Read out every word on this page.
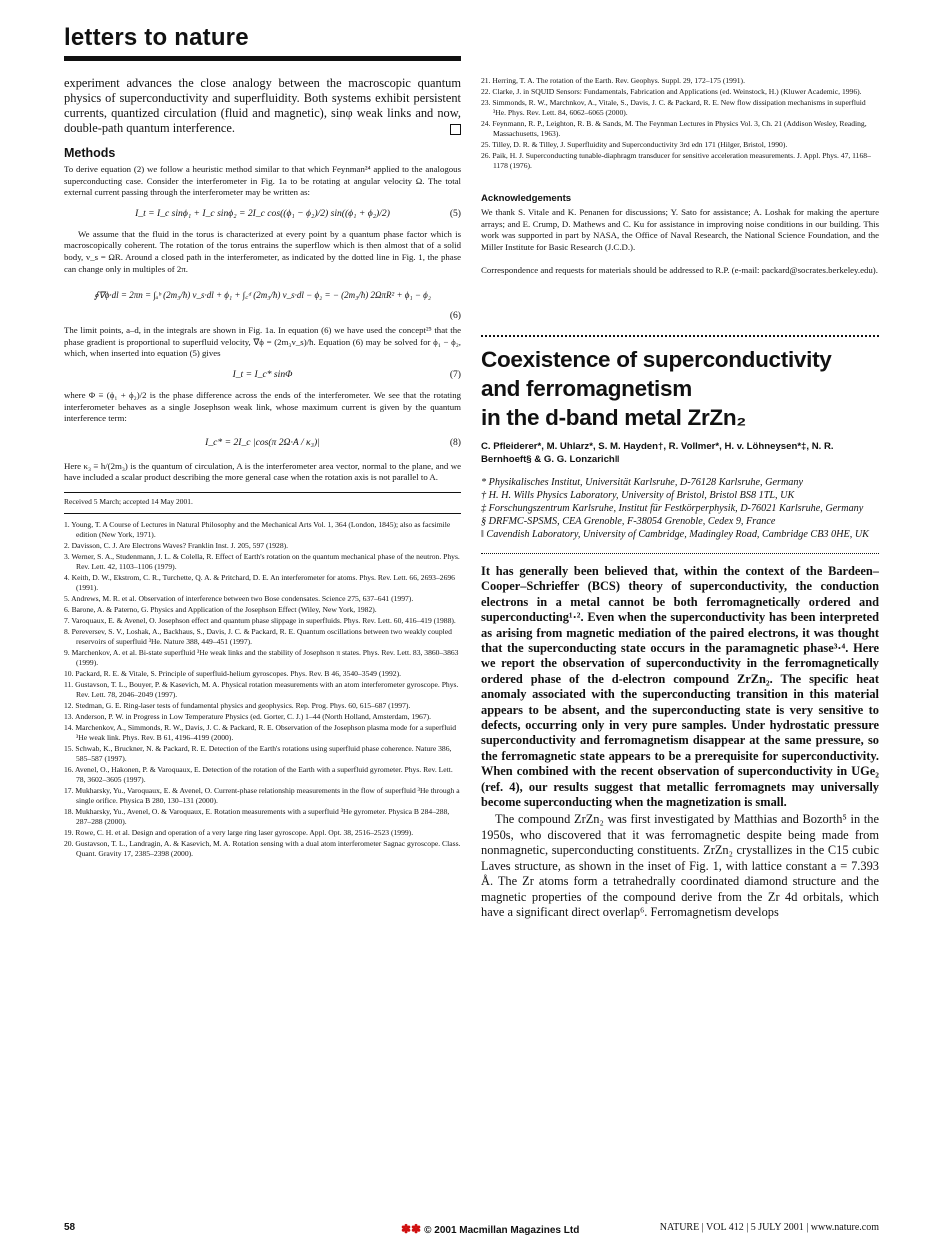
letters to nature

experiment advances the close analogy between the macroscopic quantum physics of superconductivity and superfluidity. Both systems exhibit persistent currents, quantized circulation (fluid and magnetic), sinφ weak links and now, double-path quantum interference.

Methods

To derive equation (2) we follow a heuristic method similar to that which Feynman²⁴ applied to the analogous superconducting case. Consider the interferometer in Fig. 1a to be rotating at angular velocity Ω. The total external current passing through the interferometer may be written as:

I_t = I_c sinϕ₁ + I_c sinϕ₂ = 2I_c cos((ϕ₁ − ϕ₂)/2) sin((ϕ₁ + ϕ₂)/2)	(5)

We assume that the fluid in the torus is characterized at every point by a quantum phase factor which is macroscopically coherent. The rotation of the torus entrains the superflow which is then almost that of a solid body, v_s = ΩR. Around a closed path in the interferometer, as indicated by the dotted line in Fig. 1, the phase can change only in multiples of 2π.

∮∇ϕ·dl = 2πn = ∫ₐᵇ (2m₃/ħ) v_s·dl + ϕ₁ + ∫꜀ᵈ (2m₃/ħ) v_s·dl − ϕ₂ = − (2m₃/ħ) 2ΩπR² + ϕ₁ − ϕ₂
(6)

The limit points, a–d, in the integrals are shown in Fig. 1a. In equation (6) we have used the concept²⁵ that the phase gradient is proportional to superfluid velocity, ∇ϕ = (2m₃v_s)/ħ. Equation (6) may be solved for ϕ₁ − ϕ₂, which, when inserted into equation (5) gives

I_t = I_c* sinΦ	(7)

where Φ ≡ (ϕ₁ + ϕ₂)/2 is the phase difference across the ends of the interferometer. We see that the rotating interferometer behaves as a single Josephson weak link, whose maximum current is given by the quantum interference term:

I_c* = 2I_c |cos(π 2Ω·A / κ₃)|	(8)

Here κ₃ ≡ h/(2m₃) is the quantum of circulation, A is the interferometer area vector, normal to the plane, and we have included a scalar product describing the more general case when the rotation axis is not parallel to A.

Received 5 March; accepted 14 May 2001.
1. Young, T. A Course of Lectures in Natural Philosophy and the Mechanical Arts Vol. 1, 364 (London, 1845); also as facsimile edition (New York, 1971).
2. Davisson, C. J. Are Electrons Waves? Franklin Inst. J. 205, 597 (1928).
3. Werner, S. A., Studenmann, J. L. & Colella, R. Effect of Earth's rotation on the quantum mechanical phase of the neutron. Phys. Rev. Lett. 42, 1103–1106 (1979).
4. Keith, D. W., Ekstrom, C. R., Turchette, Q. A. & Pritchard, D. E. An interferometer for atoms. Phys. Rev. Lett. 66, 2693–2696 (1991).
5. Andrews, M. R. et al. Observation of interference between two Bose condensates. Science 275, 637–641 (1997).
6. Barone, A. & Paterno, G. Physics and Application of the Josephson Effect (Wiley, New York, 1982).
7. Varoquaux, E. & Avenel, O. Josephson effect and quantum phase slippage in superfluids. Phys. Rev. Lett. 60, 416–419 (1988).
8. Pereversev, S. V., Loshak, A., Backhaus, S., Davis, J. C. & Packard, R. E. Quantum oscillations between two weakly coupled reservoirs of superfluid ³He. Nature 388, 449–451 (1997).
9. Marchenkov, A. et al. Bi-state superfluid ³He weak links and the stability of Josephson π states. Phys. Rev. Lett. 83, 3860–3863 (1999).
10. Packard, R. E. & Vitale, S. Principle of superfluid-helium gyroscopes. Phys. Rev. B 46, 3540–3549 (1992).
11. Gustavson, T. L., Bouyer, P. & Kasevich, M. A. Physical rotation measurements with an atom interferometer gyroscope. Phys. Rev. Lett. 78, 2046–2049 (1997).
12. Stedman, G. E. Ring-laser tests of fundamental physics and geophysics. Rep. Prog. Phys. 60, 615–687 (1997).
13. Anderson, P. W. in Progress in Low Temperature Physics (ed. Gorter, C. J.) 1–44 (North Holland, Amsterdam, 1967).
14. Marchenkov, A., Simmonds, R. W., Davis, J. C. & Packard, R. E. Observation of the Josephson plasma mode for a superfluid ³He weak link. Phys. Rev. B 61, 4196–4199 (2000).
15. Schwab, K., Bruckner, N. & Packard, R. E. Detection of the Earth's rotations using superfluid phase coherence. Nature 386, 585–587 (1997).
16. Avenel, O., Hakonen, P. & Varoquaux, E. Detection of the rotation of the Earth with a superfluid gyrometer. Phys. Rev. Lett. 78, 3602–3605 (1997).
17. Mukharsky, Yu., Varoquaux, E. & Avenel, O. Current-phase relationship measurements in the flow of superfluid ³He through a single orifice. Physica B 280, 130–131 (2000).
18. Mukharsky, Yu., Avenel, O. & Varoquaux, E. Rotation measurements with a superfluid ³He gyrometer. Physica B 284–288, 287–288 (2000).
19. Rowe, C. H. et al. Design and operation of a very large ring laser gyroscope. Appl. Opt. 38, 2516–2523 (1999).
20. Gustavson, T. L., Landragin, A. & Kasevich, M. A. Rotation sensing with a dual atom interferometer Sagnac gyroscope. Class. Quant. Gravity 17, 2385–2398 (2000).
21. Herring, T. A. The rotation of the Earth. Rev. Geophys. Suppl. 29, 172–175 (1991).
22. Clarke, J. in SQUID Sensors: Fundamentals, Fabrication and Applications (ed. Weinstock, H.) (Kluwer Academic, 1996).
23. Simmonds, R. W., Marchnkov, A., Vitale, S., Davis, J. C. & Packard, R. E. New flow dissipation mechanisms in superfluid ³He. Phys. Rev. Lett. 84, 6062–6065 (2000).
24. Feynmann, R. P., Leighton, R. B. & Sands, M. The Feynman Lectures in Physics Vol. 3, Ch. 21 (Addison Wesley, Reading, Massachusetts, 1963).
25. Tilley, D. R. & Tilley, J. Superfluidity and Superconductivity 3rd edn 171 (Hilger, Bristol, 1990).
26. Paik, H. J. Superconducting tunable-diaphragm transducer for sensitive acceleration measurements. J. Appl. Phys. 47, 1168–1178 (1976).
Acknowledgements

We thank S. Vitale and K. Penanen for discussions; Y. Sato for assistance; A. Loshak for making the aperture arrays; and E. Crump, D. Mathews and C. Ku for assistance in improving noise conditions in our building. This work was supported in part by NASA, the Office of Naval Research, the National Science Foundation, and the Miller Institute for Basic Research (J.C.D.).

Correspondence and requests for materials should be addressed to R.P. (e-mail: packard@socrates.berkeley.edu).

Coexistence of superconductivity
and ferromagnetism
in the d-band metal ZrZn₂
C. Pfleiderer*, M. Uhlarz*, S. M. Hayden†, R. Vollmer*, H. v. Löhneysen*‡, N. R. Bernhoeft§ & G. G. Lonzarich‖
* Physikalisches Institut, Universität Karlsruhe, D-76128 Karlsruhe, Germany
† H. H. Wills Physics Laboratory, University of Bristol, Bristol BS8 1TL, UK
‡ Forschungszentrum Karlsruhe, Institut für Festkörperphysik, D-76021 Karlsruhe, Germany
§ DRFMC-SPSMS, CEA Grenoble, F-38054 Grenoble, Cedex 9, France
‖ Cavendish Laboratory, University of Cambridge, Madingley Road, Cambridge CB3 0HE, UK

It has generally been believed that, within the context of the Bardeen–Cooper–Schrieffer (BCS) theory of superconductivity, the conduction electrons in a metal cannot be both ferromagnetically ordered and superconducting¹·². Even when the superconductivity has been interpreted as arising from magnetic mediation of the paired electrons, it was thought that the superconducting state occurs in the paramagnetic phase³·⁴. Here we report the observation of superconductivity in the ferromagnetically ordered phase of the d-electron compound ZrZn₂. The specific heat anomaly associated with the superconducting transition in this material appears to be absent, and the superconducting state is very sensitive to defects, occurring only in very pure samples. Under hydrostatic pressure superconductivity and ferromagnetism disappear at the same pressure, so the ferromagnetic state appears to be a prerequisite for superconductivity. When combined with the recent observation of superconductivity in UGe₂ (ref. 4), our results suggest that metallic ferromagnets may universally become superconducting when the magnetization is small.

The compound ZrZn₂ was first investigated by Matthias and Bozorth⁵ in the 1950s, who discovered that it was ferromagnetic despite being made from nonmagnetic, superconducting constituents. ZrZn₂ crystallizes in the C15 cubic Laves structure, as shown in the inset of Fig. 1, with lattice constant a = 7.393 Å. The Zr atoms form a tetrahedrally coordinated diamond structure and the magnetic properties of the compound derive from the Zr 4d orbitals, which have a significant direct overlap⁶. Ferromagnetism develops

58	✽✽ © 2001 Macmillan Magazines Ltd	NATURE | VOL 412 | 5 JULY 2001 | www.nature.com
